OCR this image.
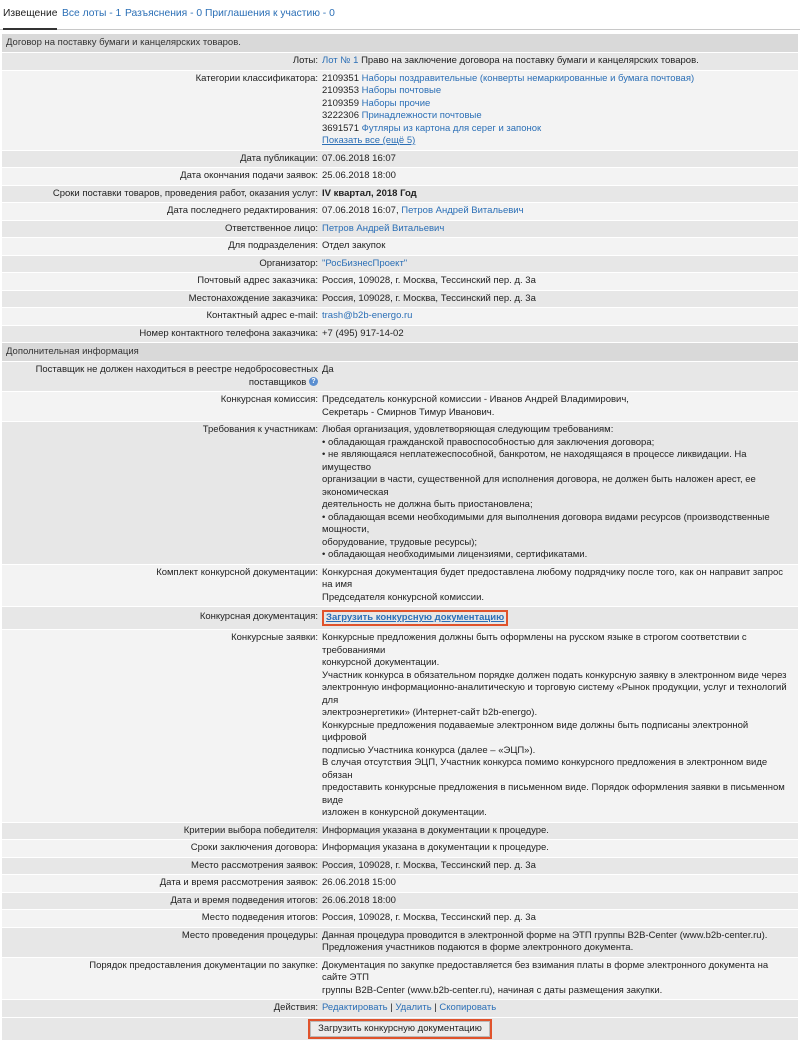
Извещение Все лоты - 1 Разъяснения - 0 Приглашения к участию - 0
Договор на поставку бумаги и канцелярских товаров.
Лоты: Лот № 1 Право на заключение договора на поставку бумаги и канцелярских товаров.
Категории классификатора: 2109351 Наборы поздравительные (конверты немаркированные и бумага почтовая)
2109353 Наборы почтовые
2109359 Наборы прочие
3222306 Принадлежности почтовые
3691571 Футляры из картона для серег и запонок
Показать все (ещё 5)
Дата публикации: 07.06.2018 16:07
Дата окончания подачи заявок: 25.06.2018 18:00
Сроки поставки товаров, проведения работ, оказания услуг: IV квартал, 2018 Год
Дата последнего редактирования: 07.06.2018 16:07, Петров Андрей Витальевич
Ответственное лицо: Петров Андрей Витальевич
Для подразделения: Отдел закупок
Организатор: "РосБизнесПроект"
Почтовый адрес заказчика: Россия, 109028, г. Москва, Тессинский пер. д. 3а
Местонахождение заказчика: Россия, 109028, г. Москва, Тессинский пер. д. 3а
Контактный адрес e-mail: trash@b2b-energo.ru
Номер контактного телефона заказчика: +7 (495) 917-14-02
Дополнительная информация
Поставщик не должен находиться в реестре недобросовестных
поставщиков ?
Да
Конкурсная комиссия: Председатель конкурсной комиссии - Иванов Андрей Владимирович,
Секретарь - Смирнов Тимур Иванович.
Требования к участникам: Любая организация, удовлетворяющая следующим требованиям:
• обладающая гражданской правоспособностью для заключения договора;
• не являющаяся неплатежеспособной, банкротом, не находящаяся в процессе ликвидации. На имущество
организации в части, существенной для исполнения договора, не должен быть наложен арест, ее экономическая
деятельность не должна быть приостановлена;
• обладающая всеми необходимыми для выполнения договора видами ресурсов (производственные мощности,
оборудование, трудовые ресурсы);
• обладающая необходимыми лицензиями, сертификатами.
Комплект конкурсной документации: Конкурсная документация будет предоставлена любому подрядчику после того, как он направит запрос на имя
Председателя конкурсной комиссии.
Конкурсная документация: Загрузить конкурсную документацию
Конкурсные заявки: Конкурсные предложения должны быть оформлены на русском языке в строгом соответствии с требованиями
конкурсной документации.
Участник конкурса в обязательном порядке должен подать конкурсную заявку в электронном виде через
электронную информационно-аналитическую и торговую систему «Рынок продукции, услуг и технологий для
электроэнергетики» (Интернет-сайт b2b-energo).
Конкурсные предложения подаваемые электронном виде должны быть подписаны электронной цифровой
подписью Участника конкурса (далее – «ЭЦП»).
В случая отсутствия ЭЦП, Участник конкурса помимо конкурсного предложения в электронном виде обязан
предоставить конкурсные предложения в письменном виде. Порядок оформления заявки в письменном виде
изложен в конкурсной документации.
Критерии выбора победителя: Информация указана в документации к процедуре.
Сроки заключения договора: Информация указана в документации к процедуре.
Место рассмотрения заявок: Россия, 109028, г. Москва, Тессинский пер. д. 3а
Дата и время рассмотрения заявок: 26.06.2018 15:00
Дата и время подведения итогов: 26.06.2018 18:00
Место подведения итогов: Россия, 109028, г. Москва, Тессинский пер. д. 3а
Место проведения процедуры: Данная процедура проводится в электронной форме на ЭТП группы B2B-Center (www.b2b-center.ru).
Предложения участников подаются в форме электронного документа.
Порядок предоставления документации по закупке: Документация по закупке предоставляется без взимания платы в форме электронного документа на сайте ЭТП
группы B2B-Center (www.b2b-center.ru), начиная с даты размещения закупки.
Действия: Редактировать | Удалить | Скопировать
Загрузить конкурсную документацию
